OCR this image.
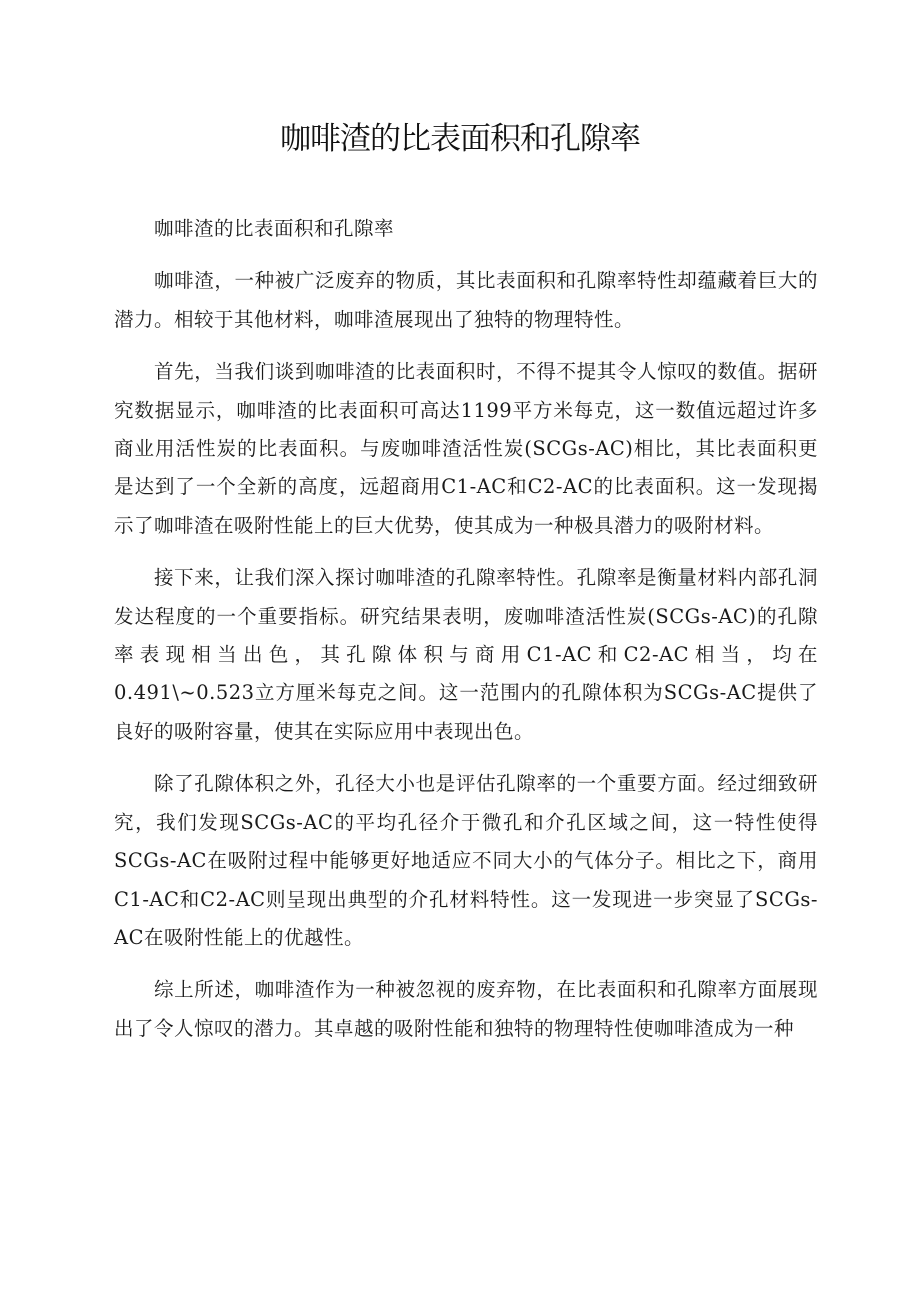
咖啡渣的比表面积和孔隙率

咖啡渣的比表面积和孔隙率

咖啡渣，一种被广泛废弃的物质，其比表面积和孔隙率特性却蕴藏着巨大的潜力。相较于其他材料，咖啡渣展现出了独特的物理特性。

首先，当我们谈到咖啡渣的比表面积时，不得不提其令人惊叹的数值。据研究数据显示，咖啡渣的比表面积可高达1199平方米每克，这一数值远超过许多商业用活性炭的比表面积。与废咖啡渣活性炭(SCGs-AC)相比，其比表面积更是达到了一个全新的高度，远超商用C1-AC和C2-AC的比表面积。这一发现揭示了咖啡渣在吸附性能上的巨大优势，使其成为一种极具潜力的吸附材料。

接下来，让我们深入探讨咖啡渣的孔隙率特性。孔隙率是衡量材料内部孔洞发达程度的一个重要指标。研究结果表明，废咖啡渣活性炭(SCGs-AC)的孔隙率表现相当出色，其孔隙体积与商用C1-AC和C2-AC相当，均在0.491\~0.523立方厘米每克之间。这一范围内的孔隙体积为SCGs-AC提供了良好的吸附容量，使其在实际应用中表现出色。

除了孔隙体积之外，孔径大小也是评估孔隙率的一个重要方面。经过细致研究，我们发现SCGs-AC的平均孔径介于微孔和介孔区域之间，这一特性使得SCGs-AC在吸附过程中能够更好地适应不同大小的气体分子。相比之下，商用C1-AC和C2-AC则呈现出典型的介孔材料特性。这一发现进一步突显了SCGs-AC在吸附性能上的优越性。

综上所述，咖啡渣作为一种被忽视的废弃物，在比表面积和孔隙率方面展现出了令人惊叹的潜力。其卓越的吸附性能和独特的物理特性使咖啡渣成为一种
